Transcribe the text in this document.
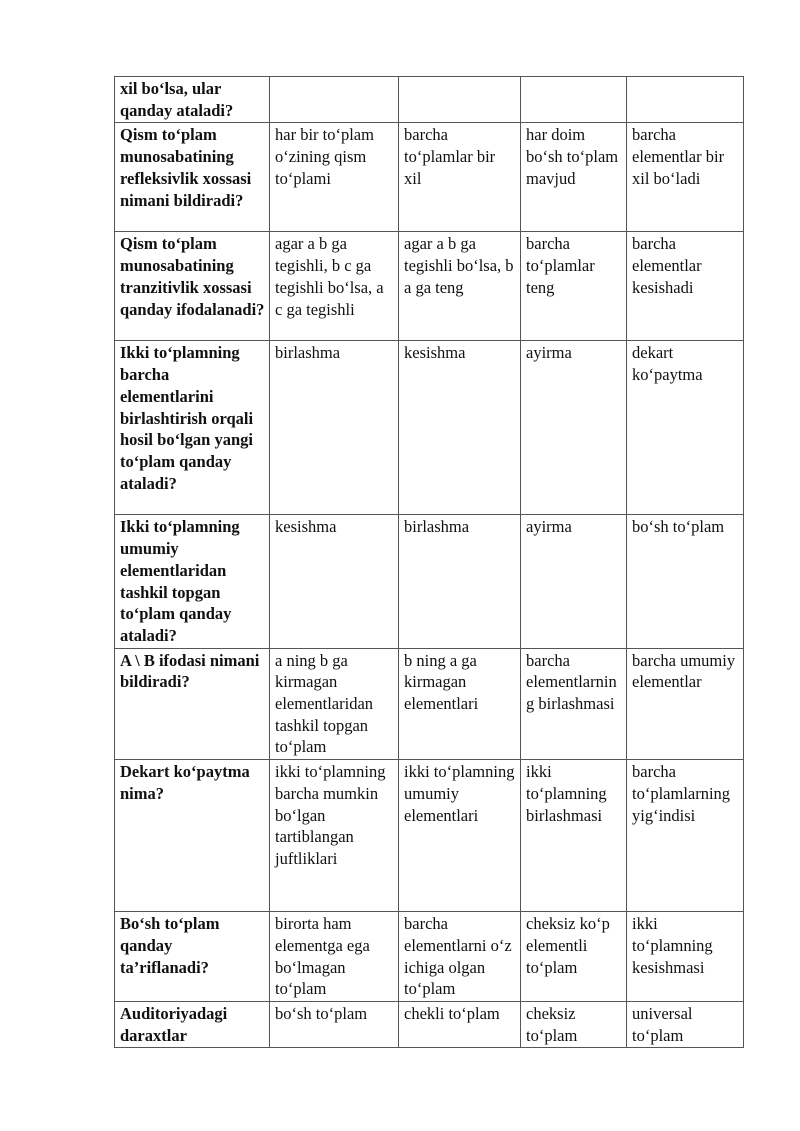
xil bo‘lsa, ular qanday ataladi?				
Qism to‘plam munosabatining refleksivlik xossasi nimani bildiradi?	har bir to‘plam o‘zining qism to‘plami	barcha to‘plamlar bir xil	har doim bo‘sh to‘plam mavjud	barcha elementlar bir xil bo‘ladi
Qism to‘plam munosabatining tranzitivlik xossasi qanday ifodalanadi?	agar a b ga tegishli, b c ga tegishli bo‘lsa, a c ga tegishli	agar a b ga tegishli bo‘lsa, b a ga teng	barcha to‘plamlar teng	barcha elementlar kesishadi
Ikki to‘plamning barcha elementlarini birlashtirish orqali hosil bo‘lgan yangi to‘plam qanday ataladi?	birlashma	kesishma	ayirma	dekart ko‘paytma
Ikki to‘plamning umumiy elementlaridan tashkil topgan to‘plam qanday ataladi?	kesishma	birlashma	ayirma	bo‘sh to‘plam
A \ B ifodasi nimani bildiradi?	a ning b ga kirmagan elementlaridan tashkil topgan to‘plam	b ning a ga kirmagan elementlari	barcha elementlarning birlashmasi	barcha umumiy elementlar
Dekart ko‘paytma nima?	ikki to‘plamning barcha mumkin bo‘lgan tartiblangan juftliklari	ikki to‘plamning umumiy elementlari	ikki to‘plamning birlashmasi	barcha to‘plamlarning yig‘indisi
Bo‘sh to‘plam qanday ta’riflanadi?	birorta ham elementga ega bo‘lmagan to‘plam	barcha elementlarni o‘z ichiga olgan to‘plam	cheksiz ko‘p elementli to‘plam	ikki to‘plamning kesishmasi
Auditoriyadagi daraxtlar	bo‘sh to‘plam	chekli to‘plam	cheksiz to‘plam	universal to‘plam
